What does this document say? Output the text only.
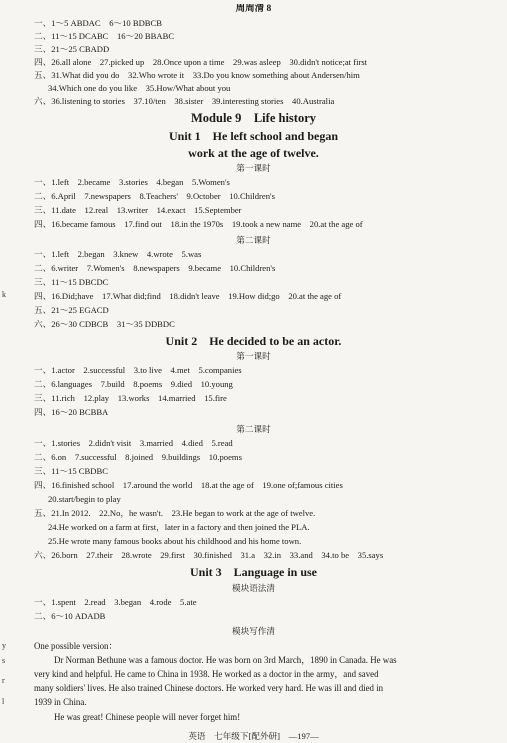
周周清 8
一、1～5 ABDAC　6～10 BDBCB
二、11～15 DCABC　16～20 BBABC
三、21～25 CBADD
四、26.all alone　27.picked up　28.Once upon a time　29.was asleep　30.didn't notice;at first
五、31.What did you do　32.Who wrote it　33.Do you know something about Andersen/him
34.Which one do you like　35.How/What about you
六、36.listening to stories　37.10/ten　38.sister　39.interesting stories　40.Australia
Module 9　Life history
Unit 1　He left school and began
work at the age of twelve.
第一课时
一、1.left　2.became　3.stories　4.began　5.Women's
二、6.April　7.newspapers　8.Teachers'　9.October　10.Children's
三、11.date　12.real　13.writer　14.exact　15.September
四、16.became famous　17.find out　18.in the 1970s　19.took a new name　20.at the age of
第二课时
一、1.left　2.began　3.knew　4.wrote　5.was
二、6.writer　7.Women's　8.newspapers　9.became　10.Children's
三、11～15 DBCDC
四、16.Did;have　17.What did;find　18.didn't leave　19.How did;go　20.at the age of
五、21～25 EGACD
六、26～30 CDBCB　31～35 DDBDC
Unit 2　He decided to be an actor.
第一课时
一、1.actor　2.successful　3.to live　4.met　5.companies
二、6.languages　7.build　8.poems　9.died　10.young
三、11.rich　12.play　13.works　14.married　15.fire
四、16～20 BCBBA
第二课时
一、1.stories　2.didn't visit　3.married　4.died　5.read
二、6.on　7.successful　8.joined　9.buildings　10.poems
三、11～15 CBDBC
四、16.finished school　17.around the world　18.at the age of　19.one of;famous cities
20.start/begin to play
五、21.In 2012.　22.No，he wasn't.　23.He began to work at the age of twelve.
24.He worked on a farm at first，later in a factory and then joined the PLA.
25.He wrote many famous books about his childhood and his home town.
六、26.born　27.their　28.wrote　29.first　30.finished　31.a　32.in　33.and　34.to be　35.says
Unit 3　Language in use
模块语法清
一、1.spent　2.read　3.began　4.rode　5.ate
二、6～10 ADADB
模块写作清
One possible version：
Dr Norman Bethune was a famous doctor. He was born on 3rd March，1890 in Canada. He was
very kind and helpful. He came to China in 1938. He worked as a doctor in the army，and saved
many soldiers' lives. He also trained Chinese doctors. He worked very hard. He was ill and died in
1939 in China.
He was great! Chinese people will never forget him!
k
y
s
r
l
英语　七年级下[配外研]　—197—
